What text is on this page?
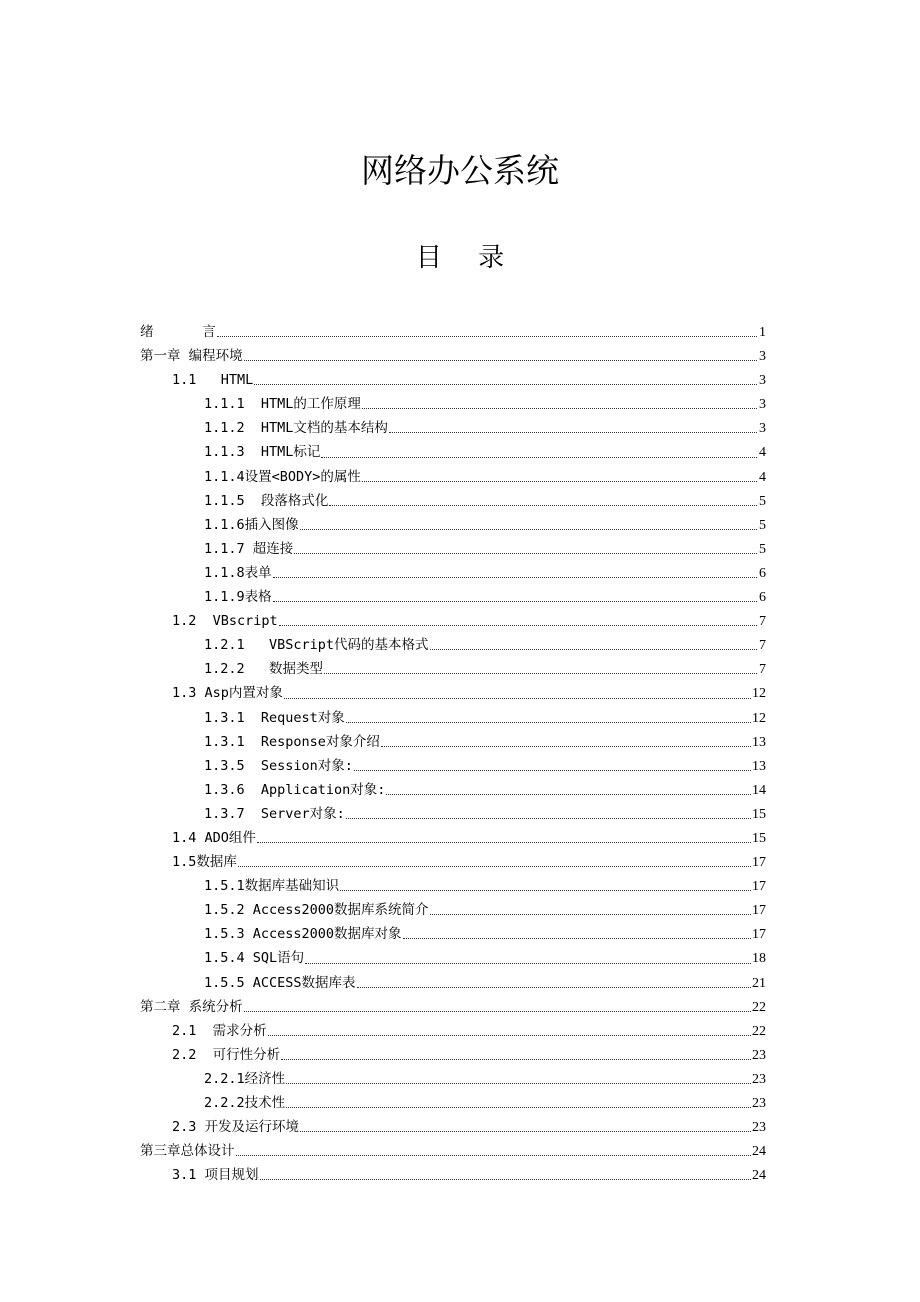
网络办公系统
目 录
绪      言	1
第一章 编程环境	3
1.1   HTML	3
1.1.1  HTML的工作原理	3
1.1.2  HTML文档的基本结构	3
1.1.3  HTML标记	4
1.1.4设置<BODY>的属性	4
1.1.5  段落格式化	5
1.1.6插入图像	5
1.1.7 超连接	5
1.1.8表单	6
1.1.9表格	6
1.2  VBscript	7
1.2.1   VBScript代码的基本格式	7
1.2.2   数据类型	7
1.3 Asp内置对象	12
1.3.1  Request对象	12
1.3.1  Response对象介绍	13
1.3.5  Session对象:	13
1.3.6  Application对象:	14
1.3.7  Server对象:	15
1.4 ADO组件	15
1.5数据库	17
1.5.1数据库基础知识	17
1.5.2 Access2000数据库系统简介	17
1.5.3 Access2000数据库对象	17
1.5.4 SQL语句	18
1.5.5 ACCESS数据库表	21
第二章 系统分析	22
2.1  需求分析	22
2.2  可行性分析	23
2.2.1经济性	23
2.2.2技术性	23
2.3 开发及运行环境	23
第三章总体设计	24
3.1 项目规划	24
